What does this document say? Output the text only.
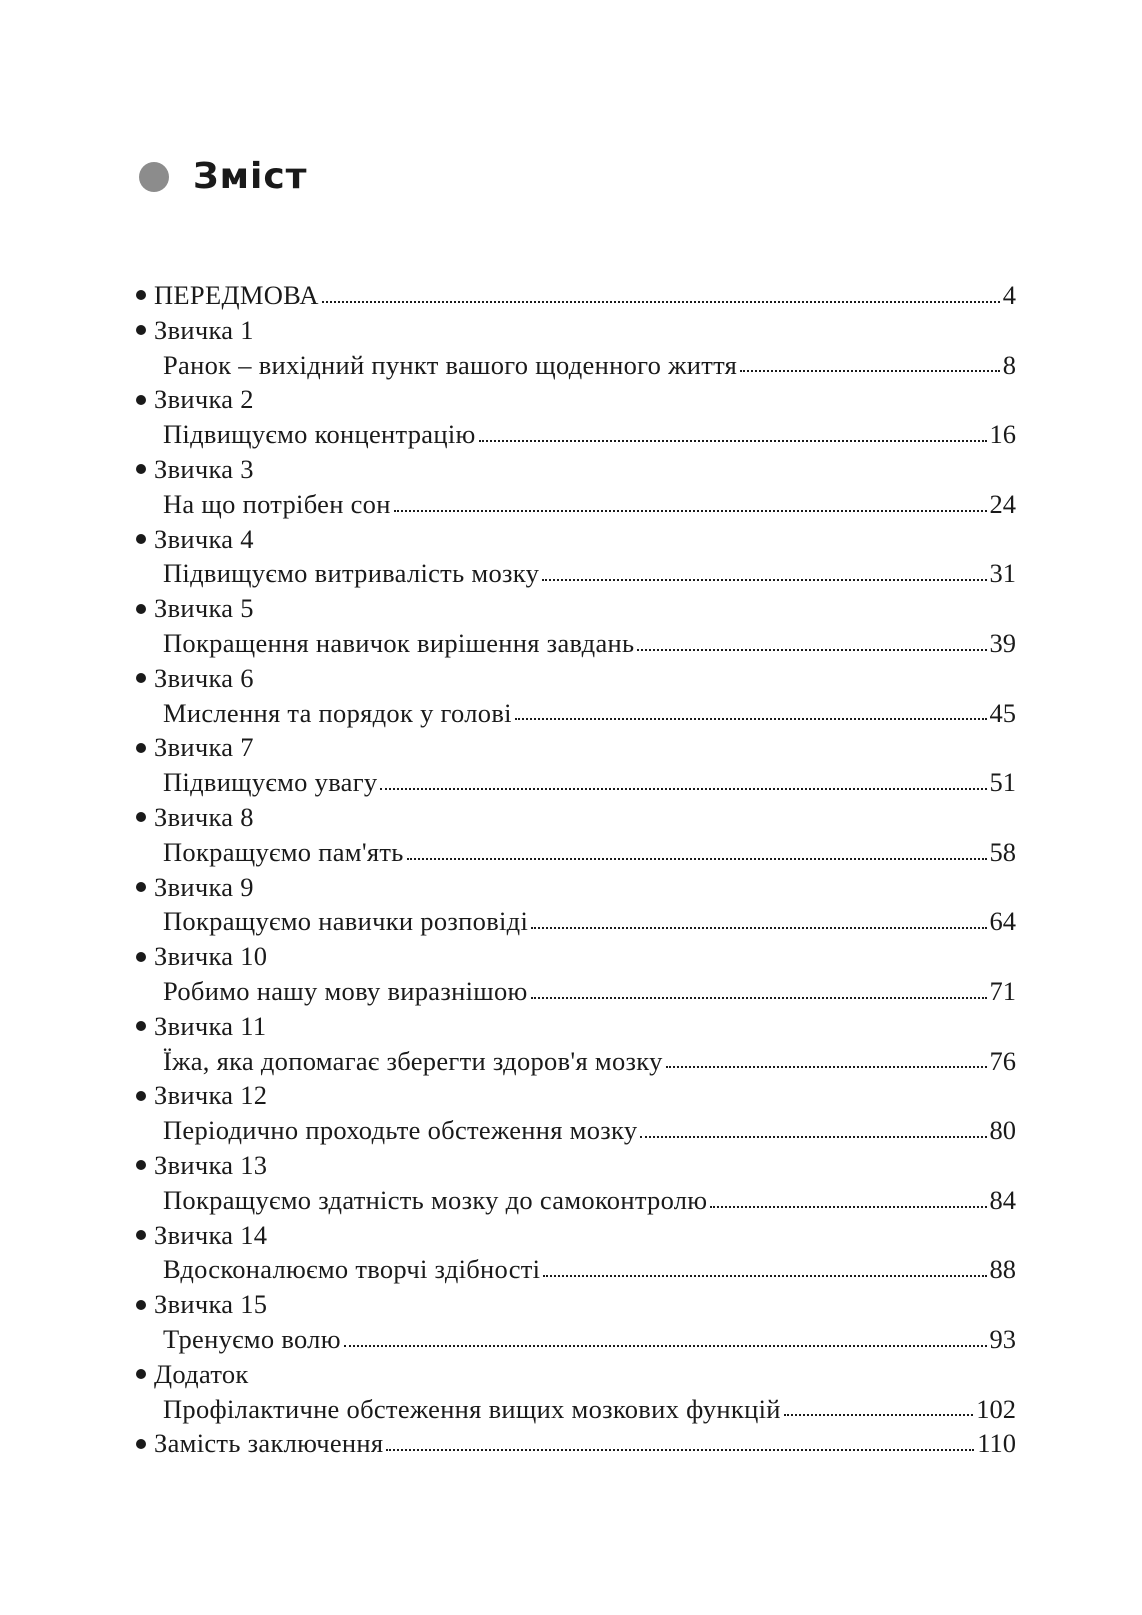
Зміст
ПЕРЕДМОВА	4
Звичка 1
Ранок – вихідний пункт вашого щоденного життя	8
Звичка 2
Підвищуємо концентрацію	16
Звичка 3
На що потрібен сон	24
Звичка 4
Підвищуємо витривалість мозку	31
Звичка 5
Покращення навичок вирішення завдань	39
Звичка 6
Мислення та порядок у голові	45
Звичка 7
Підвищуємо увагу	51
Звичка 8
Покращуємо пам'ять	58
Звичка 9
Покращуємо навички розповіді	64
Звичка 10
Робимо нашу мову виразнішою	71
Звичка 11
Їжа, яка допомагає зберегти здоров'я мозку	76
Звичка 12
Періодично проходьте обстеження мозку	80
Звичка 13
Покращуємо здатність мозку до самоконтролю	84
Звичка 14
Вдосконалюємо творчі здібності	88
Звичка 15
Тренуємо волю	93
Додаток
Профілактичне обстеження вищих мозкових функцій	102
Замість заключення	110
